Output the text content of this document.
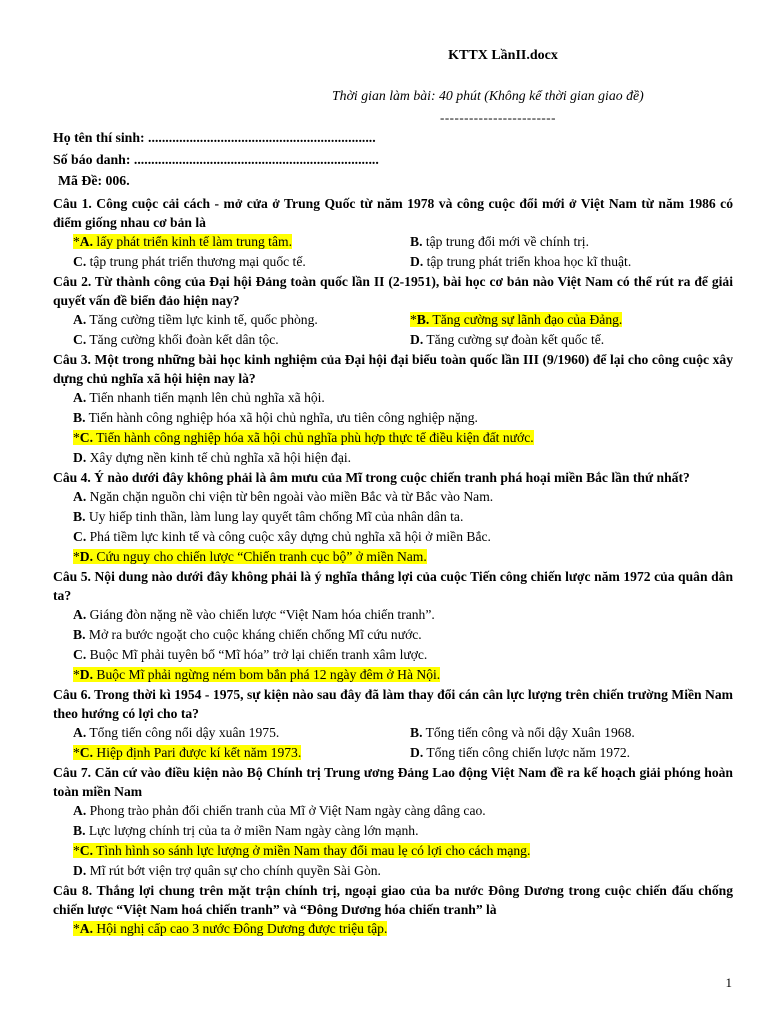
KTTX LầnII.docx
Thời gian làm bài: 40 phút (Không kể thời gian giao đề)
------------------------
Họ tên thí sinh: ..................................................................
Số báo danh: .......................................................................
Mã Đề: 006.

Câu 1. Công cuộc cải cách - mở cửa ở Trung Quốc từ năm 1978 và công cuộc đổi mới ở Việt Nam từ năm 1986 có điểm giống nhau cơ bản là

*A. lấy phát triển kinh tế làm trung tâm.	B. tập trung đổi mới về chính trị.
C. tập trung phát triển thương mại quốc tế.	D. tập trung phát triển khoa học kĩ thuật.

Câu 2. Từ thành công của Đại hội Đảng toàn quốc lần II (2-1951), bài học cơ bản nào Việt Nam có thể rút ra để giải quyết vấn đề biển đảo hiện nay?

A. Tăng cường tiềm lực kinh tế, quốc phòng.	*B. Tăng cường sự lãnh đạo của Đảng.
C. Tăng cường khối đoàn kết dân tộc.	D. Tăng cường sự đoàn kết quốc tế.

Câu 3. Một trong những bài học kinh nghiệm của Đại hội đại biểu toàn quốc lần III (9/1960) để lại cho công cuộc xây dựng chủ nghĩa xã hội hiện nay là?

A. Tiến nhanh tiến mạnh lên chủ nghĩa xã hội.
B. Tiến hành công nghiệp hóa xã hội chủ nghĩa, ưu tiên công nghiệp nặng.
*C. Tiến hành công nghiệp hóa xã hội chủ nghĩa phù hợp thực tế điều kiện đất nước.
D. Xây dựng nền kinh tế chủ nghĩa xã hội hiện đại.

Câu 4. Ý nào dưới đây không phải là âm mưu của Mĩ trong cuộc chiến tranh phá hoại miền Bắc lần thứ nhất?

A. Ngăn chặn nguồn chi viện từ bên ngoài vào miền Bắc và từ Bắc vào Nam.
B. Uy hiếp tinh thần, làm lung lay quyết tâm chống Mĩ của nhân dân ta.
C. Phá tiềm lực kinh tế và công cuộc xây dựng chủ nghĩa xã hội ở miền Bắc.
*D. Cứu nguy cho chiến lược “Chiến tranh cục bộ” ở miền Nam.

Câu 5. Nội dung nào dưới đây không phải là ý nghĩa thắng lợi của cuộc Tiến công chiến lược năm 1972 của quân dân ta?

A. Giáng đòn nặng nề vào chiến lược “Việt Nam hóa chiến tranh”.
B. Mở ra bước ngoặt cho cuộc kháng chiến chống Mĩ cứu nước.
C. Buộc Mĩ phải tuyên bố “Mĩ hóa” trở lại chiến tranh xâm lược.
*D. Buộc Mĩ phải ngừng ném bom bắn phá 12 ngày đêm ở Hà Nội.

Câu 6. Trong thời kì 1954 - 1975, sự kiện nào sau đây đã làm thay đổi cán cân lực lượng trên chiến trường Miền Nam theo hướng có lợi cho ta?

A. Tổng tiến công nổi dậy xuân 1975.	B. Tổng tiến công và nổi dậy Xuân 1968.
*C. Hiệp định Pari được kí kết năm 1973.	D. Tổng tiến công chiến lược năm 1972.

Câu 7. Căn cứ vào điều kiện nào Bộ Chính trị Trung ương Đảng Lao động Việt Nam đề ra kế hoạch giải phóng hoàn toàn miền Nam

A. Phong trào phản đối chiến tranh của Mĩ ở Việt Nam ngày càng dâng cao.
B. Lực lượng chính trị của ta ở miền Nam ngày càng lớn mạnh.
*C. Tình hình so sánh lực lượng ở miền Nam thay đổi mau lẹ có lợi cho cách mạng.
D. Mĩ rút bớt viện trợ quân sự cho chính quyền Sài Gòn.

Câu 8. Thắng lợi chung trên mặt trận chính trị, ngoại giao của ba nước Đông Dương trong cuộc chiến đấu chống chiến lược “Việt Nam hoá chiến tranh” và “Đông Dương hóa chiến tranh” là

*A. Hội nghị cấp cao 3 nước Đông Dương được triệu tập.
1
